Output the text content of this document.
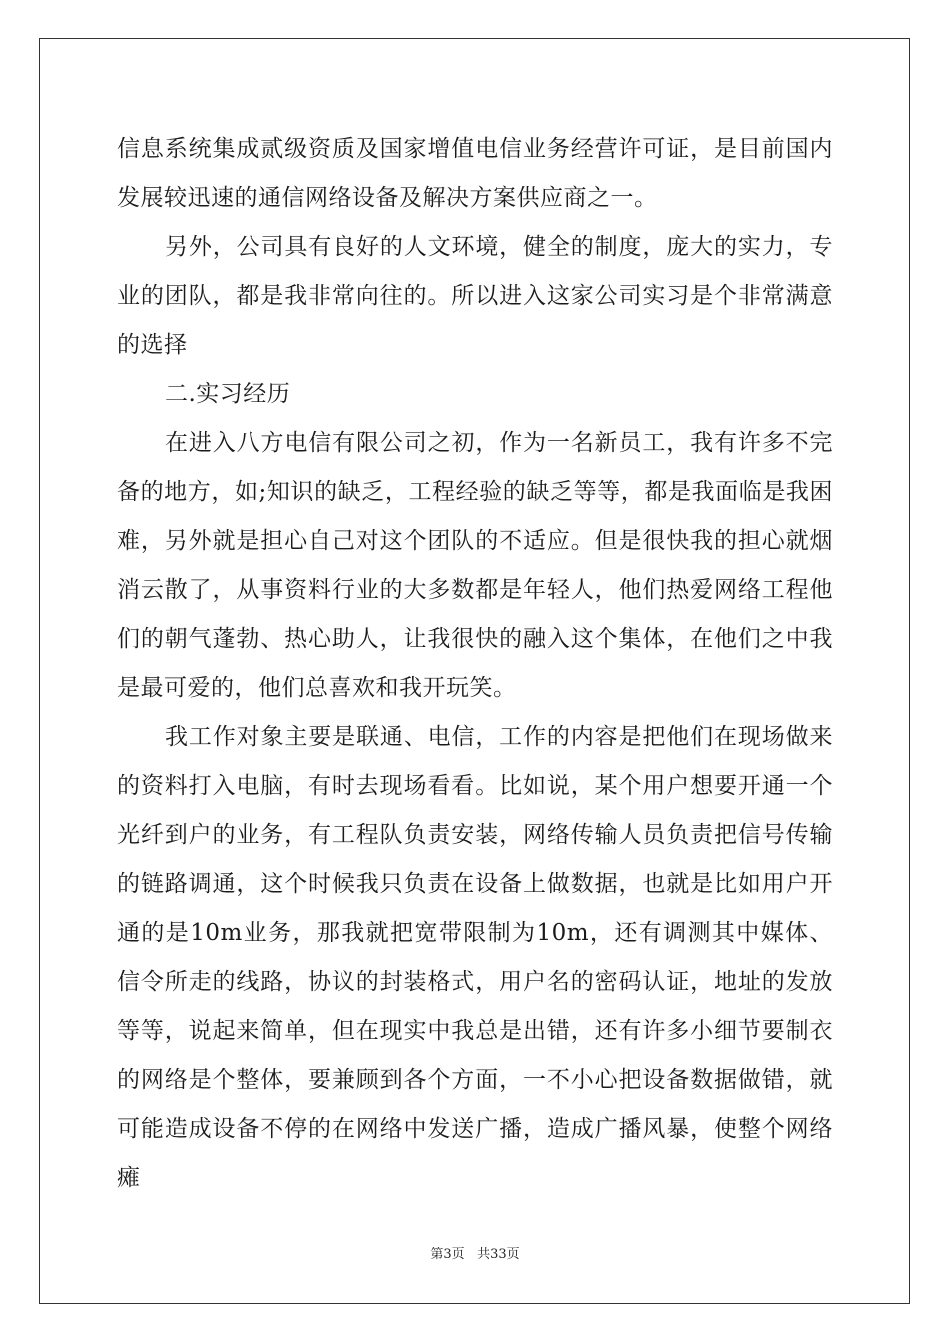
信息系统集成贰级资质及国家增值电信业务经营许可证，是目前国内发展较迅速的通信网络设备及解决方案供应商之一。

另外，公司具有良好的人文环境，健全的制度，庞大的实力，专业的团队，都是我非常向往的。所以进入这家公司实习是个非常满意的选择

二.实习经历

在进入八方电信有限公司之初，作为一名新员工，我有许多不完备的地方，如;知识的缺乏，工程经验的缺乏等等，都是我面临是我困难，另外就是担心自己对这个团队的不适应。但是很快我的担心就烟消云散了，从事资料行业的大多数都是年轻人，他们热爱网络工程他们的朝气蓬勃、热心助人，让我很快的融入这个集体，在他们之中我是最可爱的，他们总喜欢和我开玩笑。

我工作对象主要是联通、电信，工作的内容是把他们在现场做来的资料打入电脑，有时去现场看看。比如说，某个用户想要开通一个光纤到户的业务，有工程队负责安装，网络传输人员负责把信号传输的链路调通，这个时候我只负责在设备上做数据，也就是比如用户开通的是10m业务，那我就把宽带限制为10m，还有调测其中媒体、信令所走的线路，协议的封装格式，用户名的密码认证，地址的发放等等，说起来简单，但在现实中我总是出错，还有许多小细节要制衣的网络是个整体，要兼顾到各个方面，一不小心把设备数据做错，就可能造成设备不停的在网络中发送广播，造成广播风暴，使整个网络瘫

第3页 共33页
